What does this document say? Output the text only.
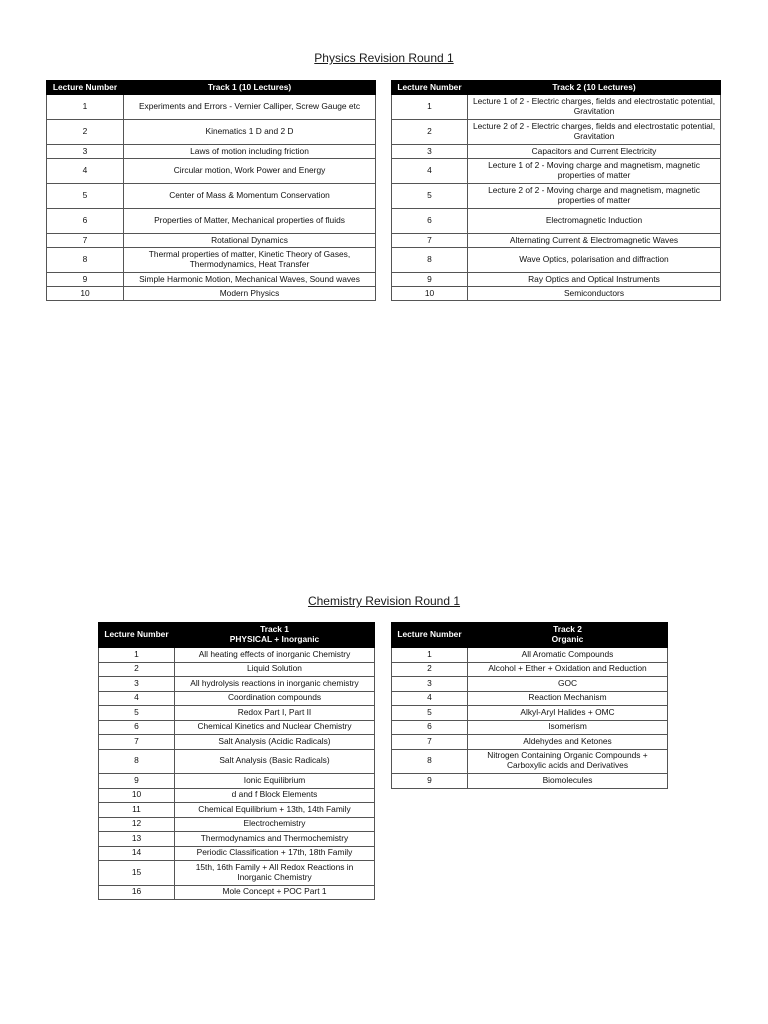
Physics Revision Round 1
Lecture Number	Track 1 (10 Lectures)
1	Experiments and Errors - Vernier Calliper, Screw Gauge etc
2	Kinematics 1 D and 2 D
3	Laws of motion including friction
4	Circular motion, Work Power and Energy
5	Center of Mass & Momentum Conservation
6	Properties of Matter, Mechanical properties of fluids
7	Rotational Dynamics
8	Thermal properties of matter, Kinetic Theory of Gases, Thermodynamics, Heat Transfer
9	Simple Harmonic Motion, Mechanical Waves, Sound waves
10	Modern Physics
Lecture Number	Track 2 (10 Lectures)
1	Lecture 1 of 2 - Electric charges, fields and electrostatic potential, Gravitation
2	Lecture 2 of 2 - Electric charges, fields and electrostatic potential, Gravitation
3	Capacitors and Current Electricity
4	Lecture 1 of 2 - Moving charge and magnetism, magnetic properties of matter
5	Lecture 2 of 2 - Moving charge and magnetism, magnetic properties of matter
6	Electromagnetic Induction
7	Alternating Current & Electromagnetic Waves
8	Wave Optics, polarisation and diffraction
9	Ray Optics and Optical Instruments
10	Semiconductors
Chemistry Revision Round 1
Lecture Number	Track 1
PHYSICAL + Inorganic

1	All heating effects of inorganic Chemistry
2	Liquid Solution
3	All hydrolysis reactions in inorganic chemistry
4	Coordination compounds
5	Redox Part I, Part II
6	Chemical Kinetics and Nuclear Chemistry
7	Salt Analysis (Acidic Radicals)
8	Salt Analysis (Basic Radicals)
9	Ionic Equilibrium
10	d and f Block Elements
11	Chemical Equilibrium + 13th, 14th Family
12	Electrochemistry
13	Thermodynamics and Thermochemistry
14	Periodic Classification + 17th, 18th Family
15	15th, 16th Family + All Redox Reactions in Inorganic Chemistry
16	Mole Concept + POC Part 1
Lecture Number	Track 2
Organic

1	All Aromatic Compounds
2	Alcohol + Ether + Oxidation and Reduction
3	GOC
4	Reaction Mechanism
5	Alkyl-Aryl Halides + OMC
6	Isomerism
7	Aldehydes and Ketones
8	Nitrogen Containing Organic Compounds + Carboxylic acids and Derivatives
9	Biomolecules
